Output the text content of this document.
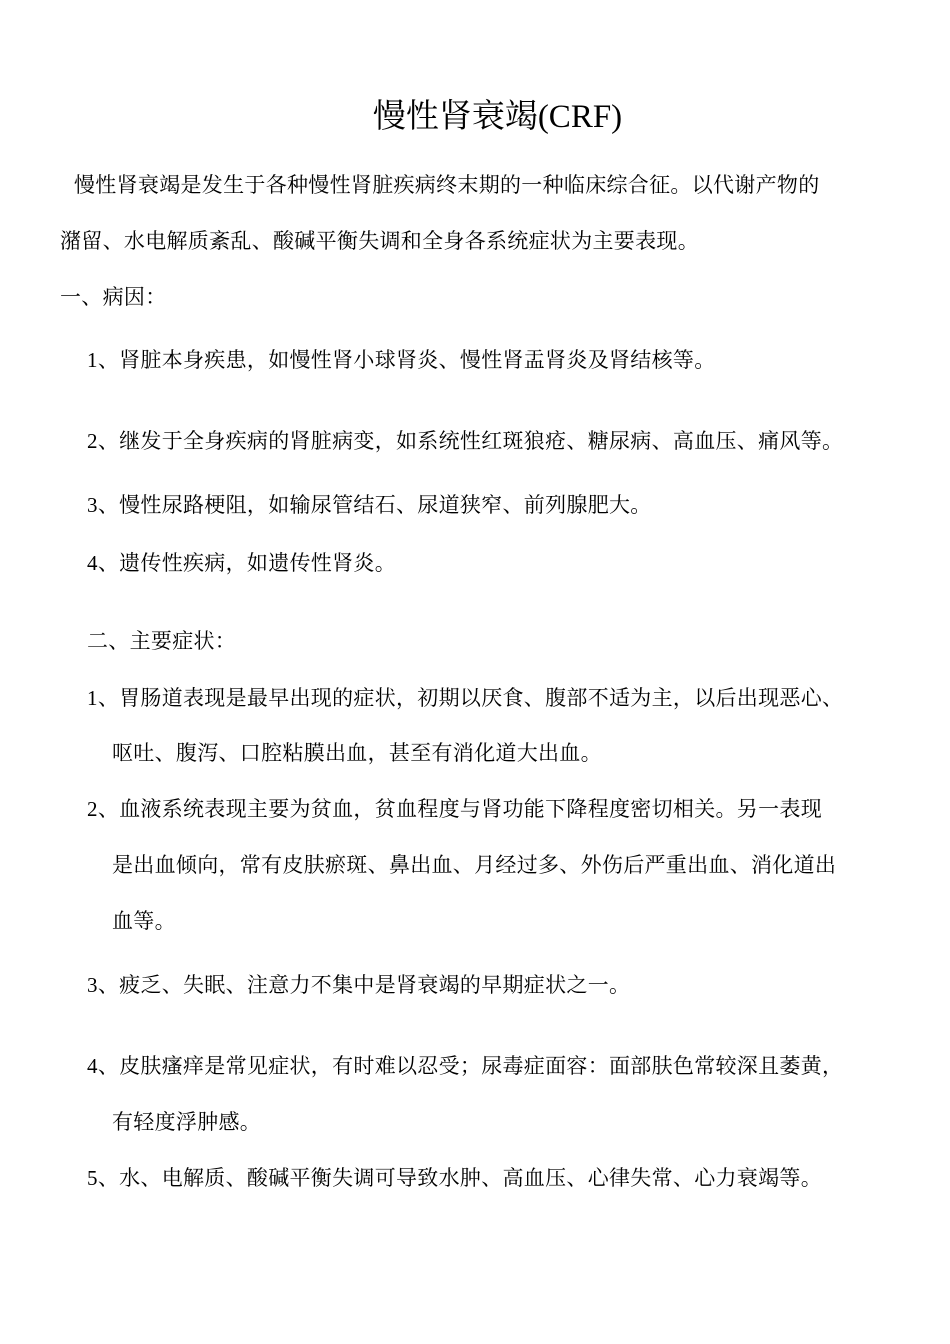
慢性肾衰竭(CRF)
慢性肾衰竭是发生于各种慢性肾脏疾病终末期的一种临床综合征。以代谢产物的
潴留、水电解质紊乱、酸碱平衡失调和全身各系统症状为主要表现。
一、病因：
1、肾脏本身疾患，如慢性肾小球肾炎、慢性肾盂肾炎及肾结核等。
2、继发于全身疾病的肾脏病变，如系统性红斑狼疮、糖尿病、高血压、痛风等。
3、慢性尿路梗阻，如输尿管结石、尿道狭窄、前列腺肥大。
4、遗传性疾病，如遗传性肾炎。
二、主要症状：
1、胃肠道表现是最早出现的症状，初期以厌食、腹部不适为主，以后出现恶心、
呕吐、腹泻、口腔粘膜出血，甚至有消化道大出血。
2、血液系统表现主要为贫血，贫血程度与肾功能下降程度密切相关。另一表现
是出血倾向，常有皮肤瘀斑、鼻出血、月经过多、外伤后严重出血、消化道出
血等。
3、疲乏、失眠、注意力不集中是肾衰竭的早期症状之一。
4、皮肤瘙痒是常见症状，有时难以忍受；尿毒症面容：面部肤色常较深且萎黄，
有轻度浮肿感。
5、水、电解质、酸碱平衡失调可导致水肿、高血压、心律失常、心力衰竭等。
